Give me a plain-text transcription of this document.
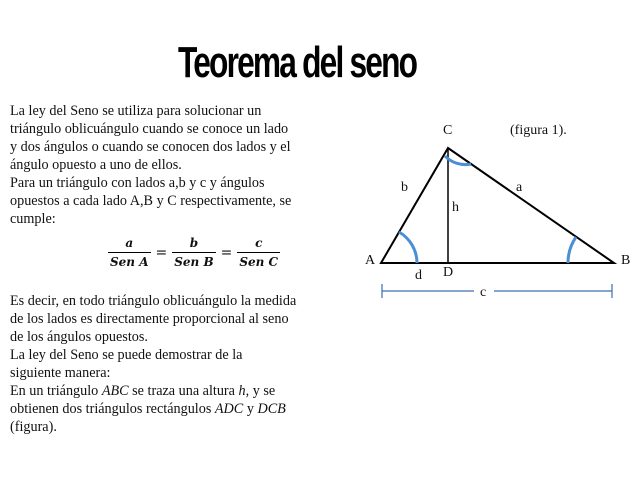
Teorema del seno

La ley del Seno se utiliza para solucionar un
triángulo oblicuángulo cuando se conoce un lado
y dos ángulos o cuando se conocen dos lados y el
ángulo opuesto a uno de ellos.
Para un triángulo con lados a,b y c y ángulos
opuestos a cada lado A,B y C respectivamente, se
cumple:

$\frac{a}{\text{Sen A}} = \frac{b}{\text{Sen B}} = \frac{c}{\text{Sen C}}$

Es decir, en todo triángulo oblicuángulo la medida
de los lados es directamente proporcional al seno
de los ángulos opuestos.
La ley del Seno se puede demostrar de la
siguiente manera:
En un triángulo ABC se traza una altura h, y se
obtienen dos triángulos rectángulos ADC y DCB
(figura).

C	(figura 1).
b	a
h
A	B
d D
c
